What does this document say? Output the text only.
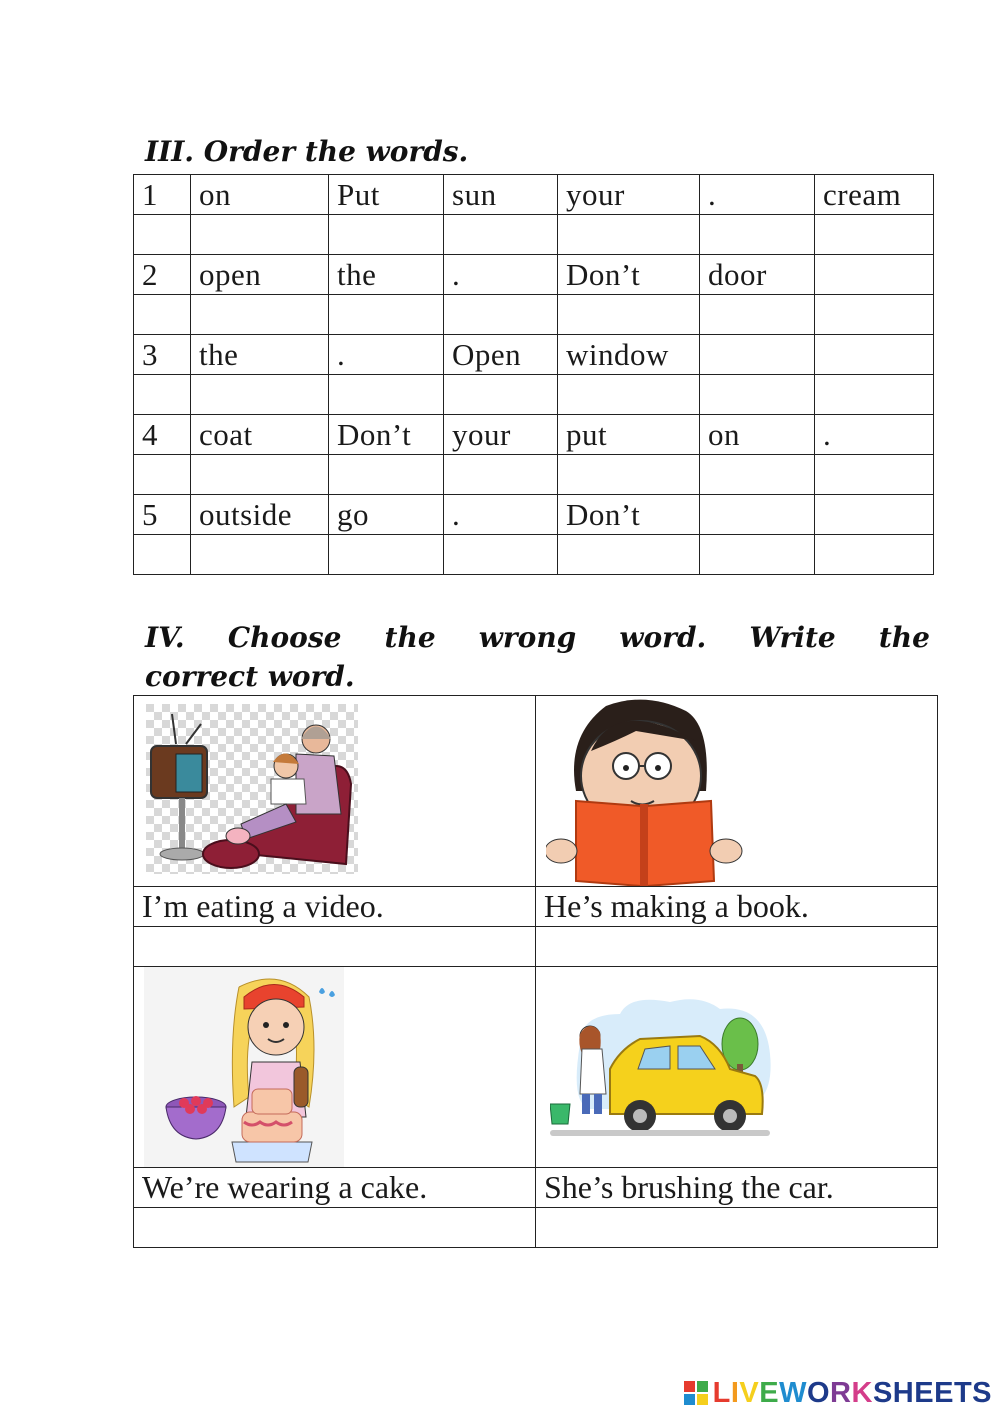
III. Order the words.
1	on	Put	sun	your	.	cream

2	open	the	.	Don’t	door	

3	the	.	Open	window		

4	coat	Don’t	your	put	on	.

5	outside	go	.	Don’t		

IV. Choose the wrong word. Write the
correct word.

I’m eating a video.	He’s making a book.

We’re wearing a cake.	She’s brushing the car.

LIVEWORKSHEETS
